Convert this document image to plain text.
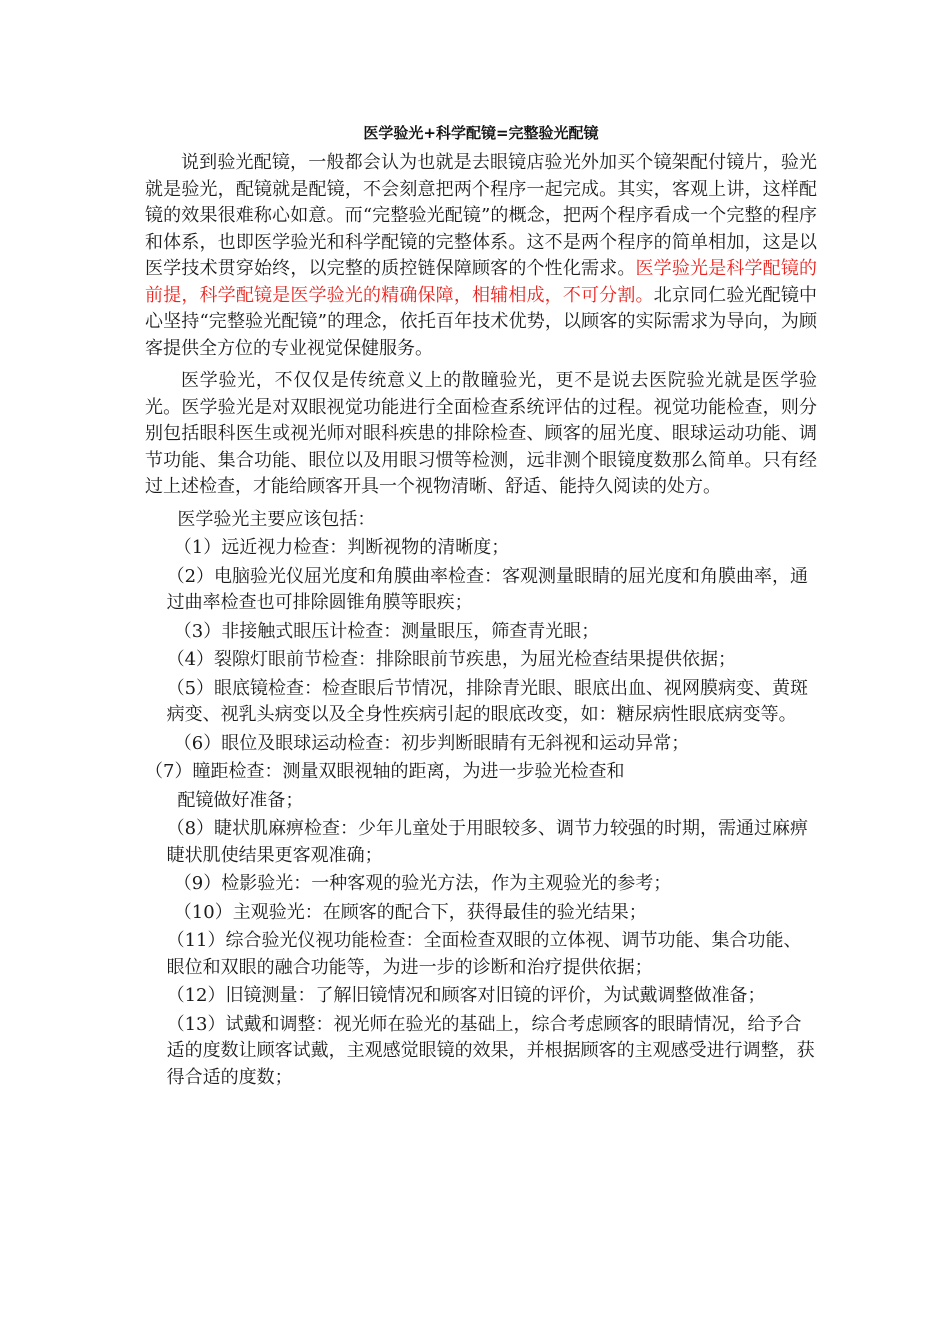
医学验光+科学配镜=完整验光配镜

说到验光配镜，一般都会认为也就是去眼镜店验光外加买个镜架配付镜片，验光就是验光，配镜就是配镜，不会刻意把两个程序一起完成。其实，客观上讲，这样配镜的效果很难称心如意。而“完整验光配镜”的概念，把两个程序看成一个完整的程序和体系，也即医学验光和科学配镜的完整体系。这不是两个程序的简单相加，这是以医学技术贯穿始终，以完整的质控链保障顾客的个性化需求。医学验光是科学配镜的前提，科学配镜是医学验光的精确保障，相辅相成，不可分割。北京同仁验光配镜中心坚持“完整验光配镜”的理念，依托百年技术优势，以顾客的实际需求为导向，为顾客提供全方位的专业视觉保健服务。

医学验光，不仅仅是传统意义上的散瞳验光，更不是说去医院验光就是医学验光。医学验光是对双眼视觉功能进行全面检查系统评估的过程。视觉功能检查，则分别包括眼科医生或视光师对眼科疾患的排除检查、顾客的屈光度、眼球运动功能、调节功能、集合功能、眼位以及用眼习惯等检测，远非测个眼镜度数那么简单。只有经过上述检查，才能给顾客开具一个视物清晰、舒适、能持久阅读的处方。

医学验光主要应该包括：

（1）远近视力检查：判断视物的清晰度；

（2）电脑验光仪屈光度和角膜曲率检查：客观测量眼睛的屈光度和角膜曲率，通过曲率检查也可排除圆锥角膜等眼疾；

（3）非接触式眼压计检查：测量眼压，筛查青光眼；

（4）裂隙灯眼前节检查：排除眼前节疾患，为屈光检查结果提供依据；

（5）眼底镜检查：检查眼后节情况，排除青光眼、眼底出血、视网膜病变、黄斑病变、视乳头病变以及全身性疾病引起的眼底改变，如：糖尿病性眼底病变等。

（6）眼位及眼球运动检查：初步判断眼睛有无斜视和运动异常；

（7）瞳距检查：测量双眼视轴的距离，为进一步验光检查和

配镜做好准备；

（8）睫状肌麻痹检查：少年儿童处于用眼较多、调节力较强的时期，需通过麻痹睫状肌使结果更客观准确；

（9）检影验光：一种客观的验光方法，作为主观验光的参考；

（10）主观验光：在顾客的配合下，获得最佳的验光结果；

（11）综合验光仪视功能检查：全面检查双眼的立体视、调节功能、集合功能、眼位和双眼的融合功能等，为进一步的诊断和治疗提供依据；

（12）旧镜测量：了解旧镜情况和顾客对旧镜的评价，为试戴调整做准备；

（13）试戴和调整：视光师在验光的基础上，综合考虑顾客的眼睛情况，给予合适的度数让顾客试戴，主观感觉眼镜的效果，并根据顾客的主观感受进行调整，获得合适的度数；
